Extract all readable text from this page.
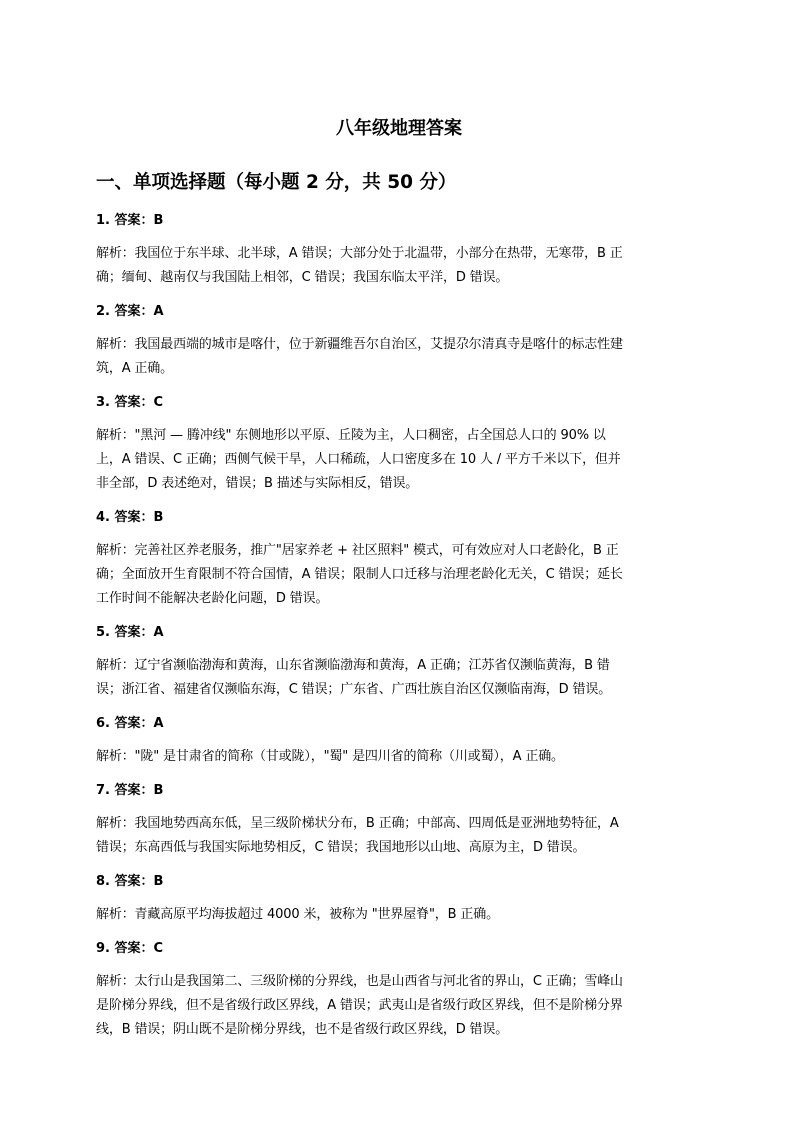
八年级地理答案
一、单项选择题（每小题 2 分，共 50 分）
1. 答案：B
解析：我国位于东半球、北半球，A 错误；大部分处于北温带，小部分在热带，无寒带，B 正
确；缅甸、越南仅与我国陆上相邻，C 错误；我国东临太平洋，D 错误。
2. 答案：A
解析：我国最西端的城市是喀什，位于新疆维吾尔自治区，艾提尕尔清真寺是喀什的标志性建
筑，A 正确。
3. 答案：C
解析："黑河 — 腾冲线" 东侧地形以平原、丘陵为主，人口稠密，占全国总人口的 90% 以
上，A 错误、C 正确；西侧气候干旱，人口稀疏，人口密度多在 10 人 / 平方千米以下，但并
非全部，D 表述绝对，错误；B 描述与实际相反，错误。
4. 答案：B
解析：完善社区养老服务，推广"居家养老 + 社区照料" 模式，可有效应对人口老龄化，B 正
确；全面放开生育限制不符合国情，A 错误；限制人口迁移与治理老龄化无关，C 错误；延长
工作时间不能解决老龄化问题，D 错误。
5. 答案：A
解析：辽宁省濒临渤海和黄海，山东省濒临渤海和黄海，A 正确；江苏省仅濒临黄海，B 错
误；浙江省、福建省仅濒临东海，C 错误；广东省、广西壮族自治区仅濒临南海，D 错误。
6. 答案：A
解析："陇" 是甘肃省的简称（甘或陇），"蜀" 是四川省的简称（川或蜀），A 正确。
7. 答案：B
解析：我国地势西高东低，呈三级阶梯状分布，B 正确；中部高、四周低是亚洲地势特征，A
错误；东高西低与我国实际地势相反，C 错误；我国地形以山地、高原为主，D 错误。
8. 答案：B
解析：青藏高原平均海拔超过 4000 米，被称为 "世界屋脊"，B 正确。
9. 答案：C
解析：太行山是我国第二、三级阶梯的分界线，也是山西省与河北省的界山，C 正确；雪峰山
是阶梯分界线，但不是省级行政区界线，A 错误；武夷山是省级行政区界线，但不是阶梯分界
线，B 错误；阴山既不是阶梯分界线，也不是省级行政区界线，D 错误。
